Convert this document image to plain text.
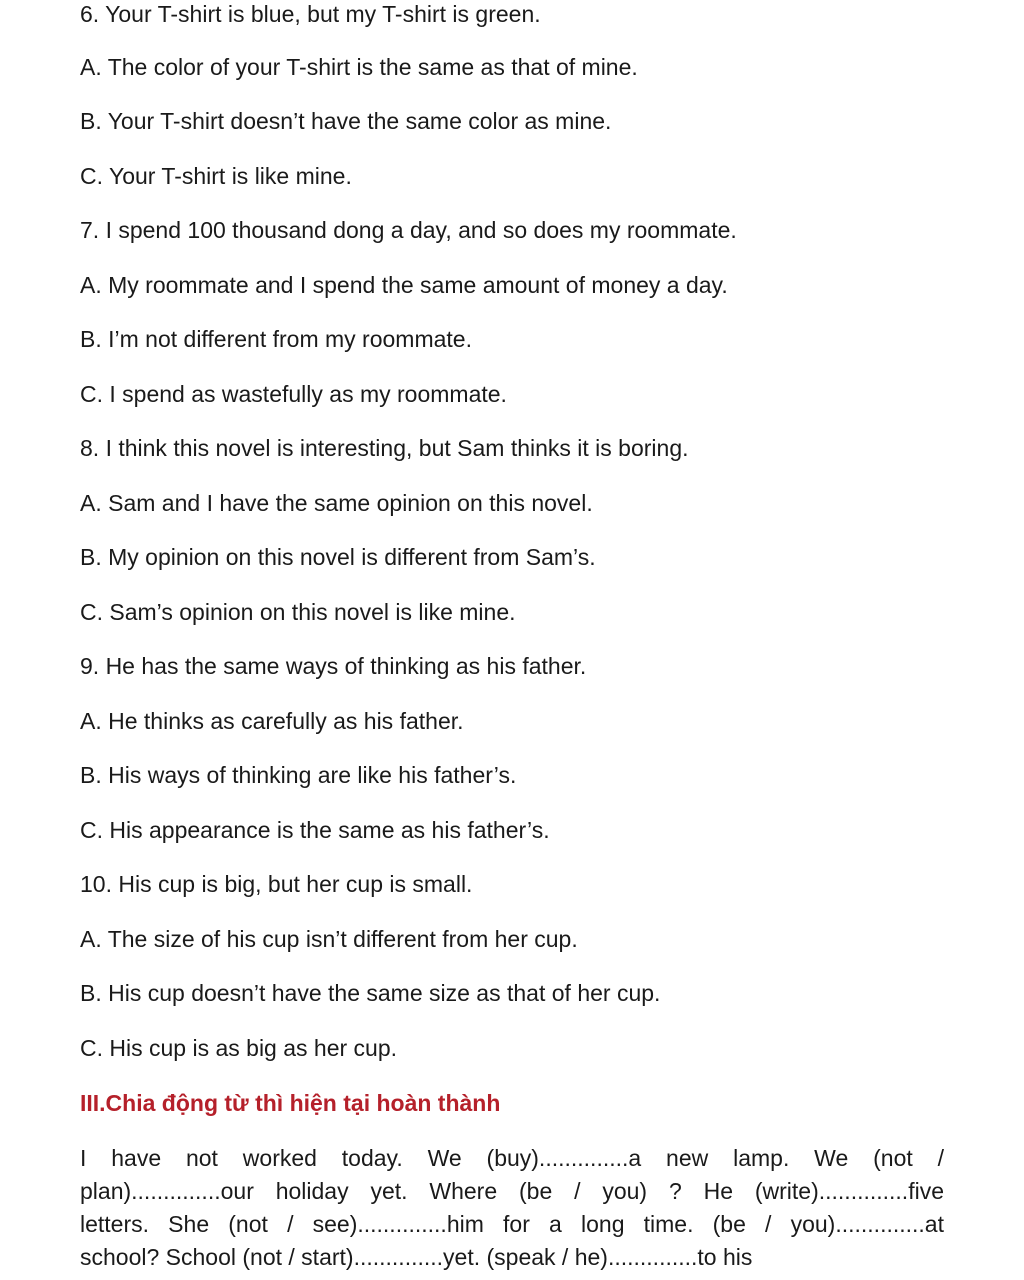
6. Your T-shirt is blue, but my T-shirt is green.
A. The color of your T-shirt is the same as that of mine.
B. Your T-shirt doesn’t have the same color as mine.
C. Your T-shirt is like mine.
7. I spend 100 thousand dong a day, and so does my roommate.
A. My roommate and I spend the same amount of money a day.
B. I’m not different from my roommate.
C. I spend as wastefully as my roommate.
8. I think this novel is interesting, but Sam thinks it is boring.
A. Sam and I have the same opinion on this novel.
B. My opinion on this novel is different from Sam’s.
C. Sam’s opinion on this novel is like mine.
9. He has the same ways of thinking as his father.
A. He thinks as carefully as his father.
B. His ways of thinking are like his father’s.
C. His appearance is the same as his father’s.
10. His cup is big, but her cup is small.
A. The size of his cup isn’t different from her cup.
B. His cup doesn’t have the same size as that of her cup.
C. His cup is as big as her cup.
III.Chia động từ thì hiện tại hoàn thành
I have not worked today. We (buy)..............a new lamp. We (not /
plan)..............our holiday yet. Where (be / you) ? He (write)..............five
letters. She (not / see)..............him for a long time. (be / you)..............at
school? School (not / start)..............yet. (speak / he)..............to his
